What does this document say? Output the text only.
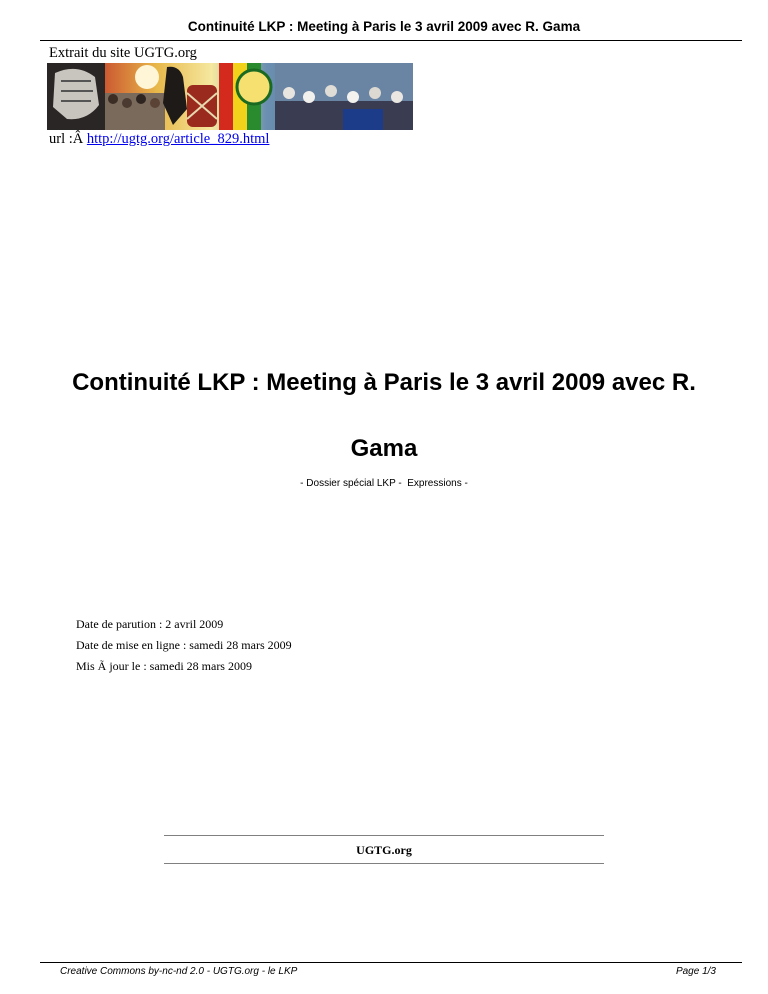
Continuité LKP : Meeting à Paris le 3 avril 2009 avec R. Gama
Extrait du site UGTG.org
url :Â http://ugtg.org/article_829.html
Continuité LKP : Meeting à Paris le 3 avril 2009 avec R. Gama
- Dossier spécial LKP -  Expressions -
Date de parution : 2 avril 2009
Date de mise en ligne : samedi 28 mars 2009
Mis Ã jour le : samedi 28 mars 2009
UGTG.org
Creative Commons by-nc-nd 2.0 - UGTG.org - le LKP	Page 1/3
